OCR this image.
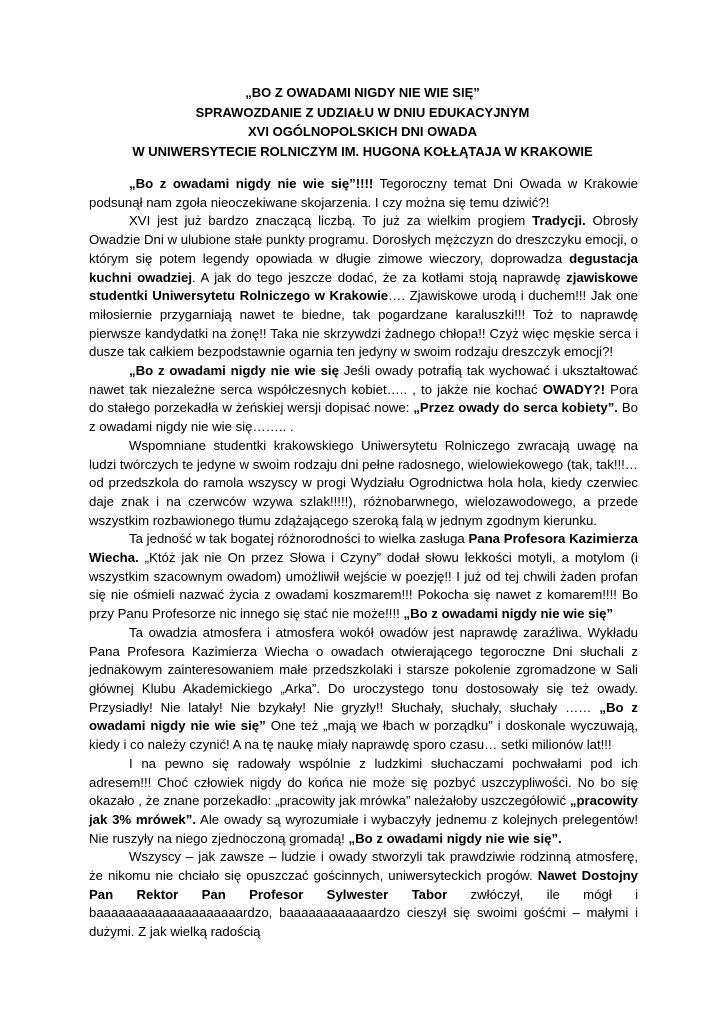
„BO Z OWADAMI NIGDY NIE WIE SIĘ”
SPRAWOZDANIE Z UDZIAŁU W DNIU EDUKACYJNYM
XVI OGÓLNOPOLSKICH DNI OWADA
W UNIWERSYTECIE ROLNICZYM IM. HUGONA KOŁŁĄTAJA W KRAKOWIE

„Bo z owadami nigdy nie wie się”!!!! Tegoroczny temat Dni Owada w Krakowie podsunął nam zgoła nieoczekiwane skojarzenia. I czy można się temu dziwić?!

XVI jest już bardzo znaczącą liczbą. To już za wielkim progiem Tradycji. Obrosły Owadzie Dni w ulubione stałe punkty programu. Dorosłych mężczyzn do dreszczyku emocji, o którym się potem legendy opowiada w długie zimowe wieczory, doprowadza degustacja kuchni owadziej. A jak do tego jeszcze dodać, że za kotłami stoją naprawdę zjawiskowe studentki Uniwersytetu Rolniczego w Krakowie…. Zjawiskowe urodą i duchem!!! Jak one miłosiernie przygarniają nawet te biedne, tak pogardzane karaluszki!!! Toż to naprawdę pierwsze kandydatki na żonę!! Taka nie skrzywdzi żadnego chłopa!! Czyż więc męskie serca i dusze tak całkiem bezpodstawnie ogarnia ten jedyny w swoim rodzaju dreszczyk emocji?!

„Bo z owadami nigdy nie wie się Jeśli owady potrafią tak wychować i ukształtować nawet tak niezależne serca współczesnych kobiet….. , to jakże nie kochać OWADY?! Pora do stałego porzekadła w żeńskiej wersji dopisać nowe: „Przez owady do serca kobiety”. Bo z owadami nigdy nie wie się…….. .

Wspomniane studentki krakowskiego Uniwersytetu Rolniczego zwracają uwagę na ludzi twórczych te jedyne w swoim rodzaju dni pełne radosnego, wielowiekowego (tak, tak!!!… od przedszkola do ramola wszyscy w progi Wydziału Ogrodnictwa hola hola, kiedy czerwiec daje znak i na czerwców wzywa szlak!!!!!), różnobarwnego, wielozawodowego, a przede wszystkim rozbawionego tłumu zdążającego szeroką falą w jednym zgodnym kierunku.

Ta jedność w tak bogatej różnorodności to wielka zasługa Pana Profesora Kazimierza Wiecha. „Któż jak nie On przez Słowa i Czyny” dodał słowu lekkości motyli, a motylom (i wszystkim szacownym owadom) umożliwił wejście w poezję!! I już od tej chwili żaden profan się nie ośmieli nazwać życia z owadami koszmarem!!! Pokocha się nawet z komarem!!!! Bo przy Panu Profesorze nic innego się stać nie może!!!! „Bo z owadami nigdy nie wie się”

Ta owadzia atmosfera i atmosfera wokół owadów jest naprawdę zaraźliwa. Wykładu Pana Profesora Kazimierza Wiecha o owadach otwierającego tegoroczne Dni słuchali z jednakowym zainteresowaniem małe przedszkolaki i starsze pokolenie zgromadzone w Sali głównej Klubu Akademickiego „Arka”. Do uroczystego tonu dostosowały się też owady. Przysiadły! Nie latały! Nie bzykały! Nie gryzły!! Słuchały, słuchały, słuchały …… „Bo z owadami nigdy nie wie się” One też „mają we łbach w porządku” i doskonale wyczuwają, kiedy i co należy czynić! A na tę naukę miały naprawdę sporo czasu… setki milionów lat!!!

I na pewno się radowały wspólnie z ludzkimi słuchaczami pochwałami pod ich adresem!!! Choć człowiek nigdy do końca nie może się pozbyć uszczypliwości. No bo się okazało , że znane porzekadło: „pracowity jak mrówka” należałoby uszczegółowić „pracowity jak 3% mrówek”. Ale owady są wyrozumiałe i wybaczyły jednemu z kolejnych prelegentów! Nie ruszyły na niego zjednoczoną gromadą! „Bo z owadami nigdy nie wie się”.

Wszyscy – jak zawsze – ludzie i owady stworzyli tak prawdziwie rodzinną atmosferę, że nikomu nie chciało się opuszczać gościnnych, uniwersyteckich progów. Nawet Dostojny Pan Rektor Pan Profesor Sylwester Tabor zwłóczył, ile mógł i baaaaaaaaaaaaaaaaaaaardzo, baaaaaaaaaaaardzo cieszył się swoimi gośćmi – małymi i dużymi. Z jak wielką radością
